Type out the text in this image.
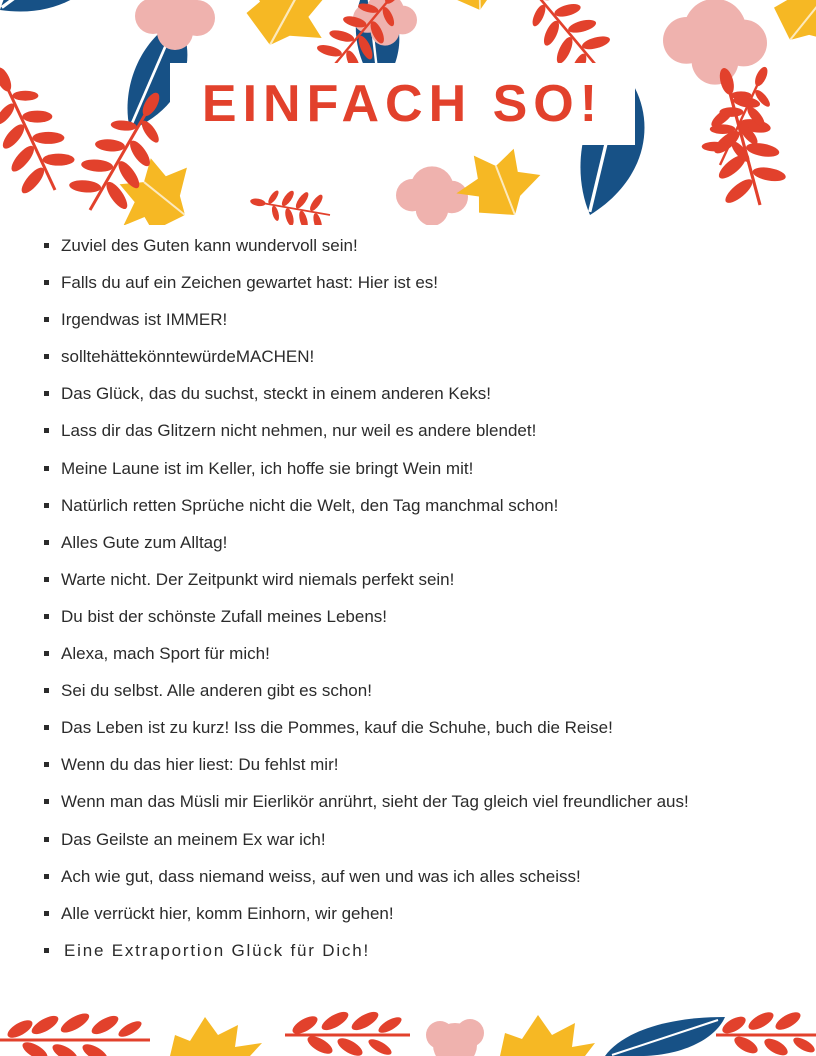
EINFACH SO!
Zuviel des Guten kann wundervoll sein!
Falls du auf ein Zeichen gewartet hast: Hier ist es!
Irgendwas ist IMMER!
solltehättekönntewürdeMACHEN!
Das Glück, das du suchst, steckt in einem anderen Keks!
Lass dir das Glitzern nicht nehmen, nur weil es andere blendet!
Meine Laune ist im Keller, ich hoffe sie bringt Wein mit!
Natürlich retten Sprüche nicht die Welt, den Tag manchmal schon!
Alles Gute zum Alltag!
Warte nicht. Der Zeitpunkt wird niemals perfekt sein!
Du bist der schönste Zufall meines Lebens!
Alexa, mach Sport für mich!
Sei du selbst. Alle anderen gibt es schon!
Das Leben ist zu kurz! Iss die Pommes, kauf die Schuhe, buch die Reise!
Wenn du das hier liest: Du fehlst mir!
Wenn man das Müsli mir Eierlikör anrührt, sieht der Tag gleich viel freundlicher aus!
Das Geilste an meinem Ex war ich!
Ach wie gut, dass niemand weiss, auf wen und was ich alles scheiss!
Alle verrückt hier, komm Einhorn, wir gehen!
Eine Extraportion Glück für Dich!
